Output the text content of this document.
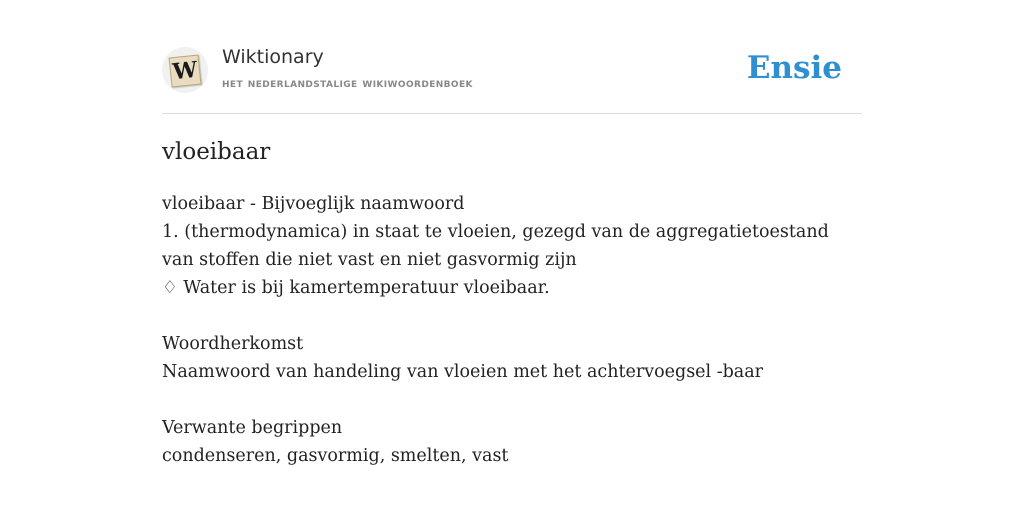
W Wiktionary
het nederlandstalige wikiwoordenboek	Ensie
vloeibaar
vloeibaar - Bijvoeglijk naamwoord
1. (thermodynamica) in staat te vloeien, gezegd van de aggregatietoestand van stoffen die niet vast en niet gasvormig zijn
♢ Water is bij kamertemperatuur vloeibaar.
Woordherkomst
Naamwoord van handeling van vloeien met het achtervoegsel -baar
Verwante begrippen
condenseren, gasvormig, smelten, vast
